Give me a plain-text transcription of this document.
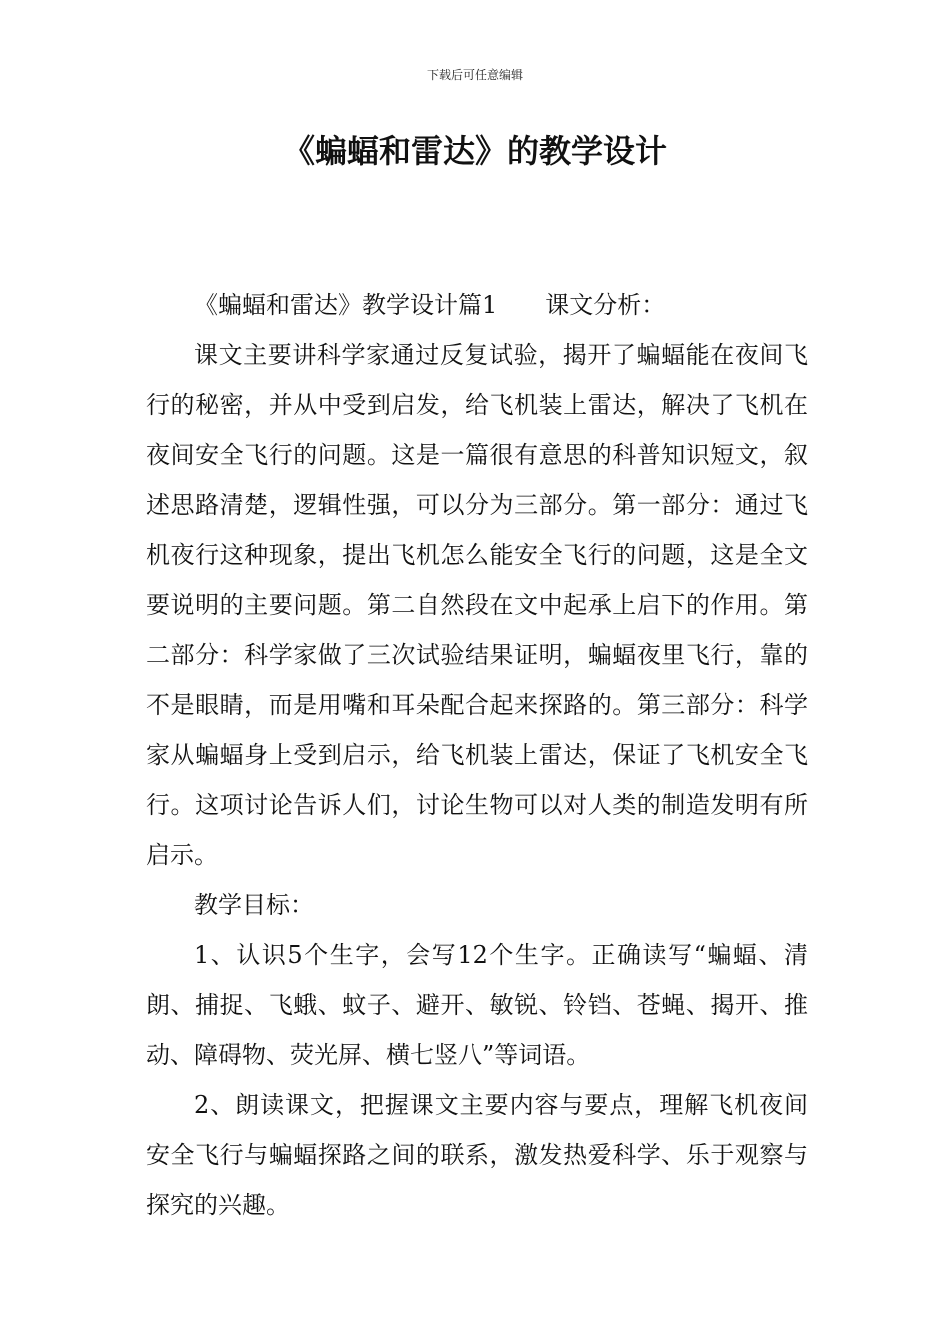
下载后可任意编辑
《蝙蝠和雷达》的教学设计

《蝙蝠和雷达》教学设计篇1　　课文分析：

课文主要讲科学家通过反复试验，揭开了蝙蝠能在夜间飞行的秘密，并从中受到启发，给飞机装上雷达，解决了飞机在夜间安全飞行的问题。这是一篇很有意思的科普知识短文，叙述思路清楚，逻辑性强，可以分为三部分。第一部分：通过飞机夜行这种现象，提出飞机怎么能安全飞行的问题，这是全文要说明的主要问题。第二自然段在文中起承上启下的作用。第二部分：科学家做了三次试验结果证明，蝙蝠夜里飞行，靠的不是眼睛，而是用嘴和耳朵配合起来探路的。第三部分：科学家从蝙蝠身上受到启示，给飞机装上雷达，保证了飞机安全飞行。这项讨论告诉人们，讨论生物可以对人类的制造发明有所启示。

教学目标：

1、认识5个生字，会写12个生字。正确读写“蝙蝠、清朗、捕捉、飞蛾、蚊子、避开、敏锐、铃铛、苍蝇、揭开、推动、障碍物、荧光屏、横七竖八”等词语。

2、朗读课文，把握课文主要内容与要点，理解飞机夜间安全飞行与蝙蝠探路之间的联系，激发热爱科学、乐于观察与探究的兴趣。
